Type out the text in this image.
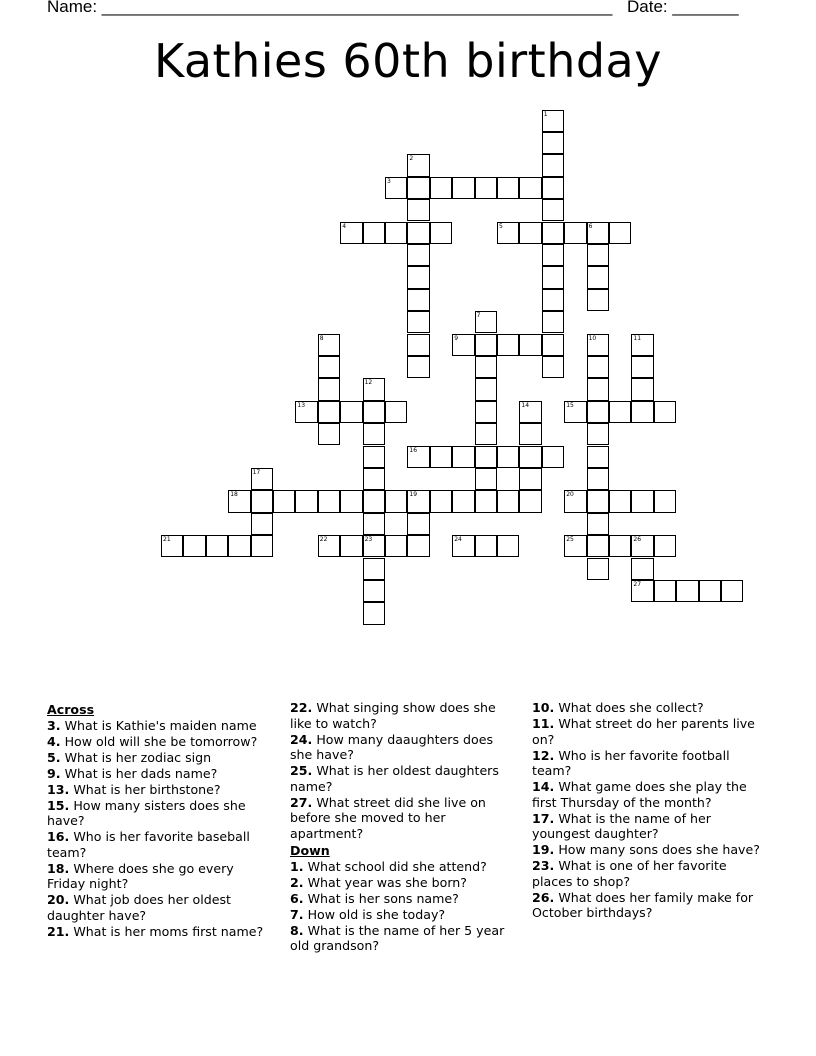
Name: ______________________________________________________ Date: _______
Kathies 60th birthday
1
2
3
4	5	6
7
8	9	10	11
12
13	14	15
16
17
18	19	20
21	22	23	24	25	26
27
Across
3. What is Kathie's maiden name
4. How old will she be tomorrow?
5. What is her zodiac sign
9. What is her dads name?
13. What is her birthstone?
15. How many sisters does she have?
16. Who is her favorite baseball team?
18. Where does she go every Friday night?
20. What job does her oldest daughter have?
21. What is her moms first name?
22. What singing show does she like to watch?
24. How many daaughters does she have?
25. What is her oldest daughters name?
27. What street did she live on before she moved to her apartment?
Down
1. What school did she attend?
2. What year was she born?
6. What is her sons name?
7. How old is she today?
8. What is the name of her 5 year old grandson?
10. What does she collect?
11. What street do her parents live on?
12. Who is her favorite football team?
14. What game does she play the first Thursday of the month?
17. What is the name of her youngest daughter?
19. How many sons does she have?
23. What is one of her favorite places to shop?
26. What does her family make for October birthdays?
